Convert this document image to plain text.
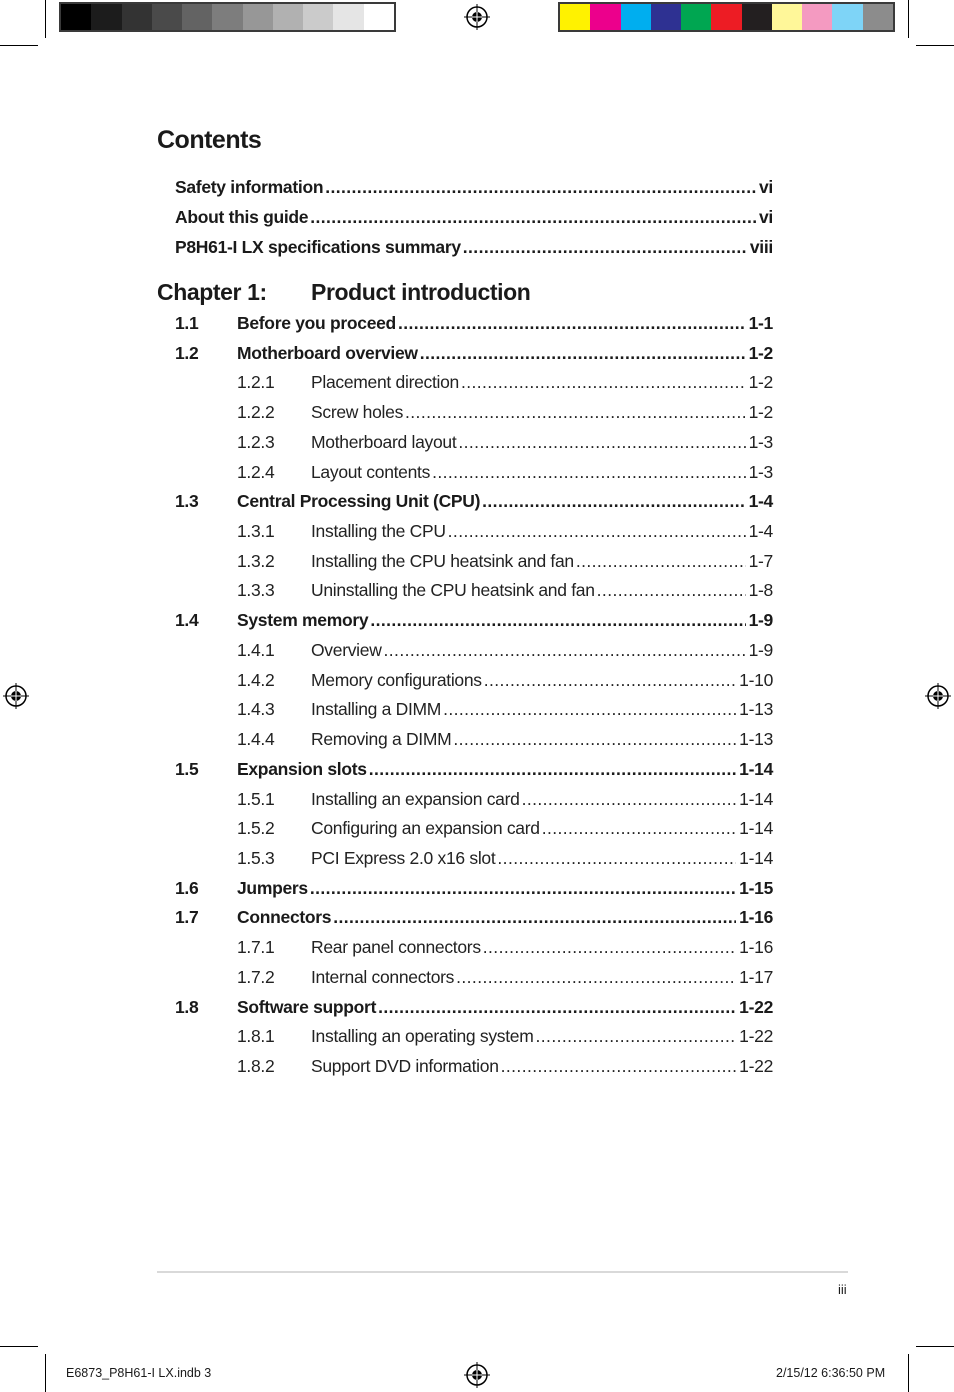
Contents
Safety information .....	vi
About this guide .....	vi
P8H61-I LX specifications summary .....	viii
Chapter 1: Product introduction
1.1 Before you proceed .....	1-1
1.2 Motherboard overview .....	1-2
1.2.1 Placement direction .....	1-2
1.2.2 Screw holes .....	1-2
1.2.3 Motherboard layout .....	1-3
1.2.4 Layout contents .....	1-3
1.3 Central Processing Unit (CPU) .....	1-4
1.3.1 Installing the CPU .....	1-4
1.3.2 Installing the CPU heatsink and fan .....	1-7
1.3.3 Uninstalling the CPU heatsink and fan .....	1-8
1.4 System memory .....	1-9
1.4.1 Overview .....	1-9
1.4.2 Memory configurations .....	1-10
1.4.3 Installing a DIMM .....	1-13
1.4.4 Removing a DIMM .....	1-13
1.5 Expansion slots .....	1-14
1.5.1 Installing an expansion card .....	1-14
1.5.2 Configuring an expansion card .....	1-14
1.5.3 PCI Express 2.0 x16 slot .....	1-14
1.6 Jumpers .....	1-15
1.7 Connectors .....	1-16
1.7.1 Rear panel connectors .....	1-16
1.7.2 Internal connectors .....	1-17
1.8 Software support .....	1-22
1.8.1 Installing an operating system .....	1-22
1.8.2 Support DVD information .....	1-22
iii
E6873_P8H61-I LX.indb 3	2/15/12 6:36:50 PM
